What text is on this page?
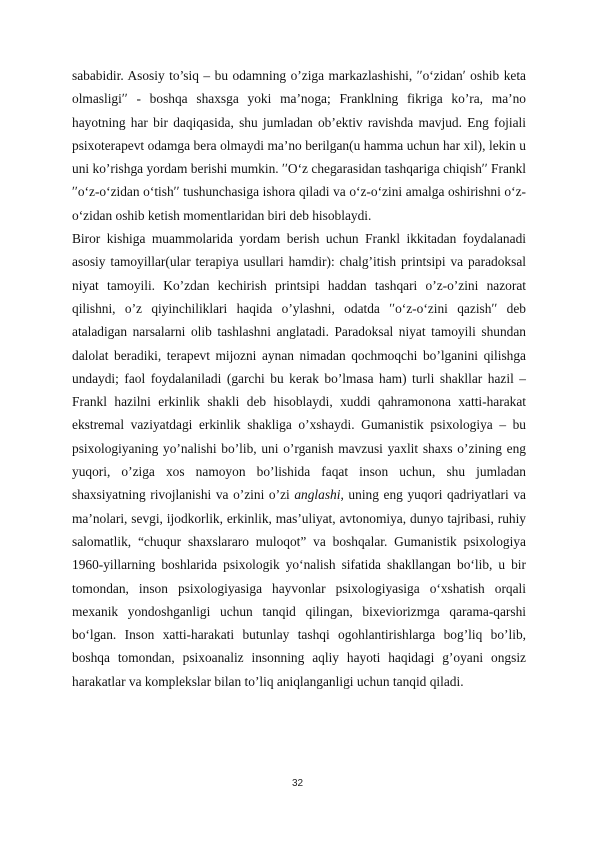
sababidir. Asosiy to’siq – bu odamning o’ziga markazlashishi, ʹʹoʻzidanʹ oshib keta olmasligiʹʹ - boshqa shaxsga yoki ma’noga; Franklning fikriga ko’ra, ma’no hayotning har bir daqiqasida, shu jumladan ob’ektiv ravishda mavjud. Eng fojiali psixoterapevt odamga bera olmaydi ma’no berilgan(u hamma uchun har xil), lekin u uni ko’rishga yordam berishi mumkin. ʹʹOʻz chegarasidan tashqariga chiqishʹʹ Frankl ʹʹoʻz-oʻzidan oʻtishʹʹ tushunchasiga ishora qiladi va oʻz-oʻzini amalga oshirishni oʻz-oʻzidan oshib ketish momentlaridan biri deb hisoblaydi.

Biror kishiga muammolarida yordam berish uchun Frankl ikkitadan foydalanadi asosiy tamoyillar(ular terapiya usullari hamdir): chalg’itish printsipi va paradoksal niyat tamoyili. Ko’zdan kechirish printsipi haddan tashqari o’z-o’zini nazorat qilishni, o’z qiyinchiliklari haqida o’ylashni, odatda ʹʹoʻz-oʻzini qazishʹʹ deb ataladigan narsalarni olib tashlashni anglatadi. Paradoksal niyat tamoyili shundan dalolat beradiki, terapevt mijozni aynan nimadan qochmoqchi bo’lganini qilishga undaydi; faol foydalaniladi (garchi bu kerak bo’lmasa ham) turli shakllar hazil – Frankl hazilni erkinlik shakli deb hisoblaydi, xuddi qahramonona xatti-harakat ekstremal vaziyatdagi erkinlik shakliga o’xshaydi. Gumanistik psixologiya – bu psixologiyaning yo’nalishi bo’lib, uni o’rganish mavzusi yaxlit shaxs o’zining eng yuqori, o’ziga xos namoyon bo’lishida faqat inson uchun, shu jumladan shaxsiyatning rivojlanishi va o’zini o’zi anglashi, uning eng yuqori qadriyatlari va ma’nolari, sevgi, ijodkorlik, erkinlik, mas’uliyat, avtonomiya, dunyo tajribasi, ruhiy salomatlik, “chuqur shaxslararo muloqot” va boshqalar. Gumanistik psixologiya 1960-yillarning boshlarida psixologik yoʻnalish sifatida shakllangan boʻlib, u bir tomondan, inson psixologiyasiga hayvonlar psixologiyasiga oʻxshatish orqali mexanik yondoshganligi uchun tanqid qilingan, bixeviorizmga qarama-qarshi boʻlgan. Inson xatti-harakati butunlay tashqi ogohlantirishlarga bog’liq bo’lib, boshqa tomondan, psixoanaliz insonning aqliy hayoti haqidagi g’oyani ongsiz harakatlar va komplekslar bilan to’liq aniqlanganligi uchun tanqid qiladi.

32
